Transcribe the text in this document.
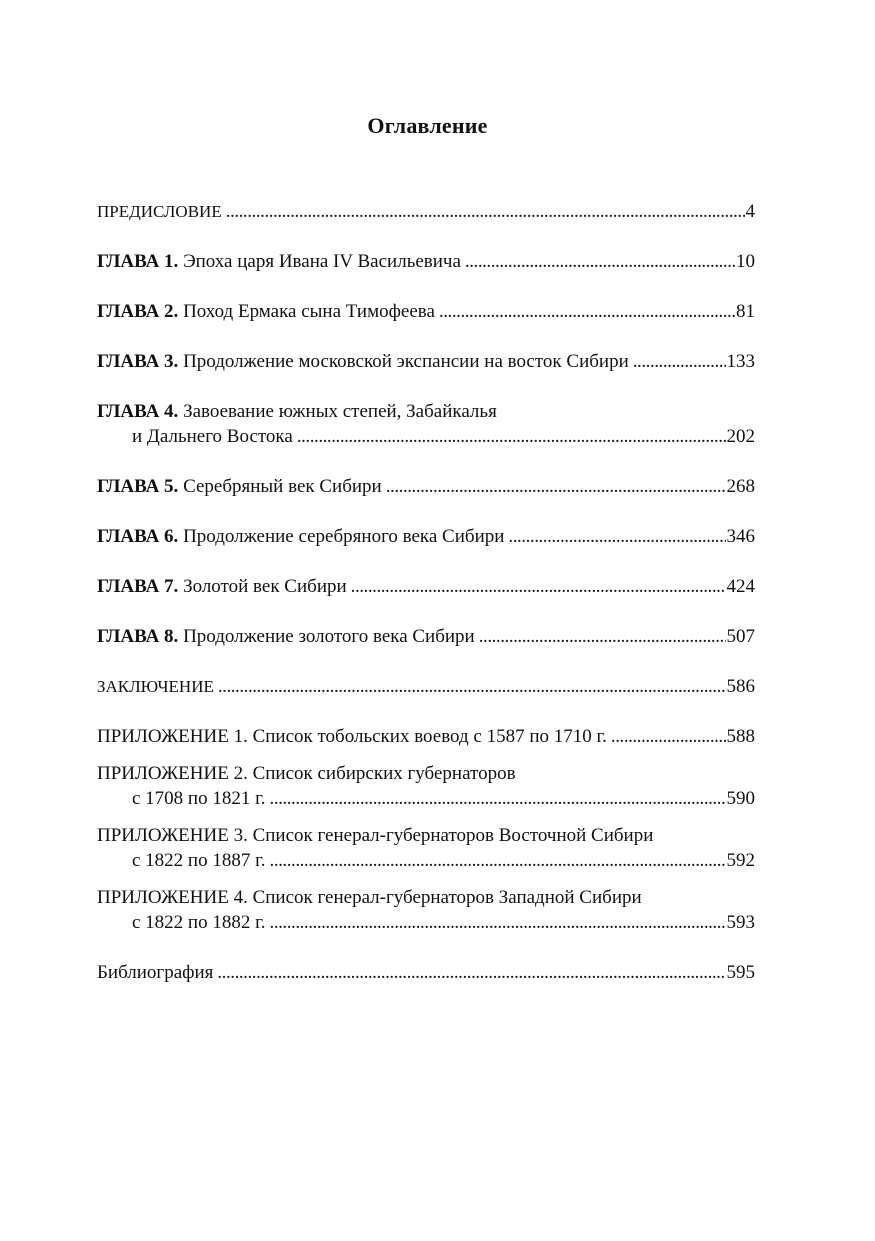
Оглавление
ПРЕДИСЛОВИЕ . . .	4
ГЛАВА 1. Эпоха царя Ивана IV Васильевича . . .	10
ГЛАВА 2. Поход Ермака сына Тимофеева . . .	81
ГЛАВА 3. Продолжение московской экспансии на восток Сибири . . .	133
ГЛАВА 4. Завоевание южных степей, Забайкалья
и Дальнего Востока . . .	202
ГЛАВА 5. Серебряный век Сибири . . .	268
ГЛАВА 6. Продолжение серебряного века Сибири . . .	346
ГЛАВА 7. Золотой век Сибири . . .	424
ГЛАВА 8. Продолжение золотого века Сибири . . .	507
ЗАКЛЮЧЕНИЕ . . .	586
ПРИЛОЖЕНИЕ 1. Список тобольских воевод с 1587 по 1710 г. . . .	588
ПРИЛОЖЕНИЕ 2. Список сибирских губернаторов
с 1708 по 1821 г. . . .	590
ПРИЛОЖЕНИЕ 3. Список генерал-губернаторов Восточной Сибири
с 1822 по 1887 г. . . .	592
ПРИЛОЖЕНИЕ 4. Список генерал-губернаторов Западной Сибири
с 1822 по 1882 г. . . .	593
Библиография . . .	595
